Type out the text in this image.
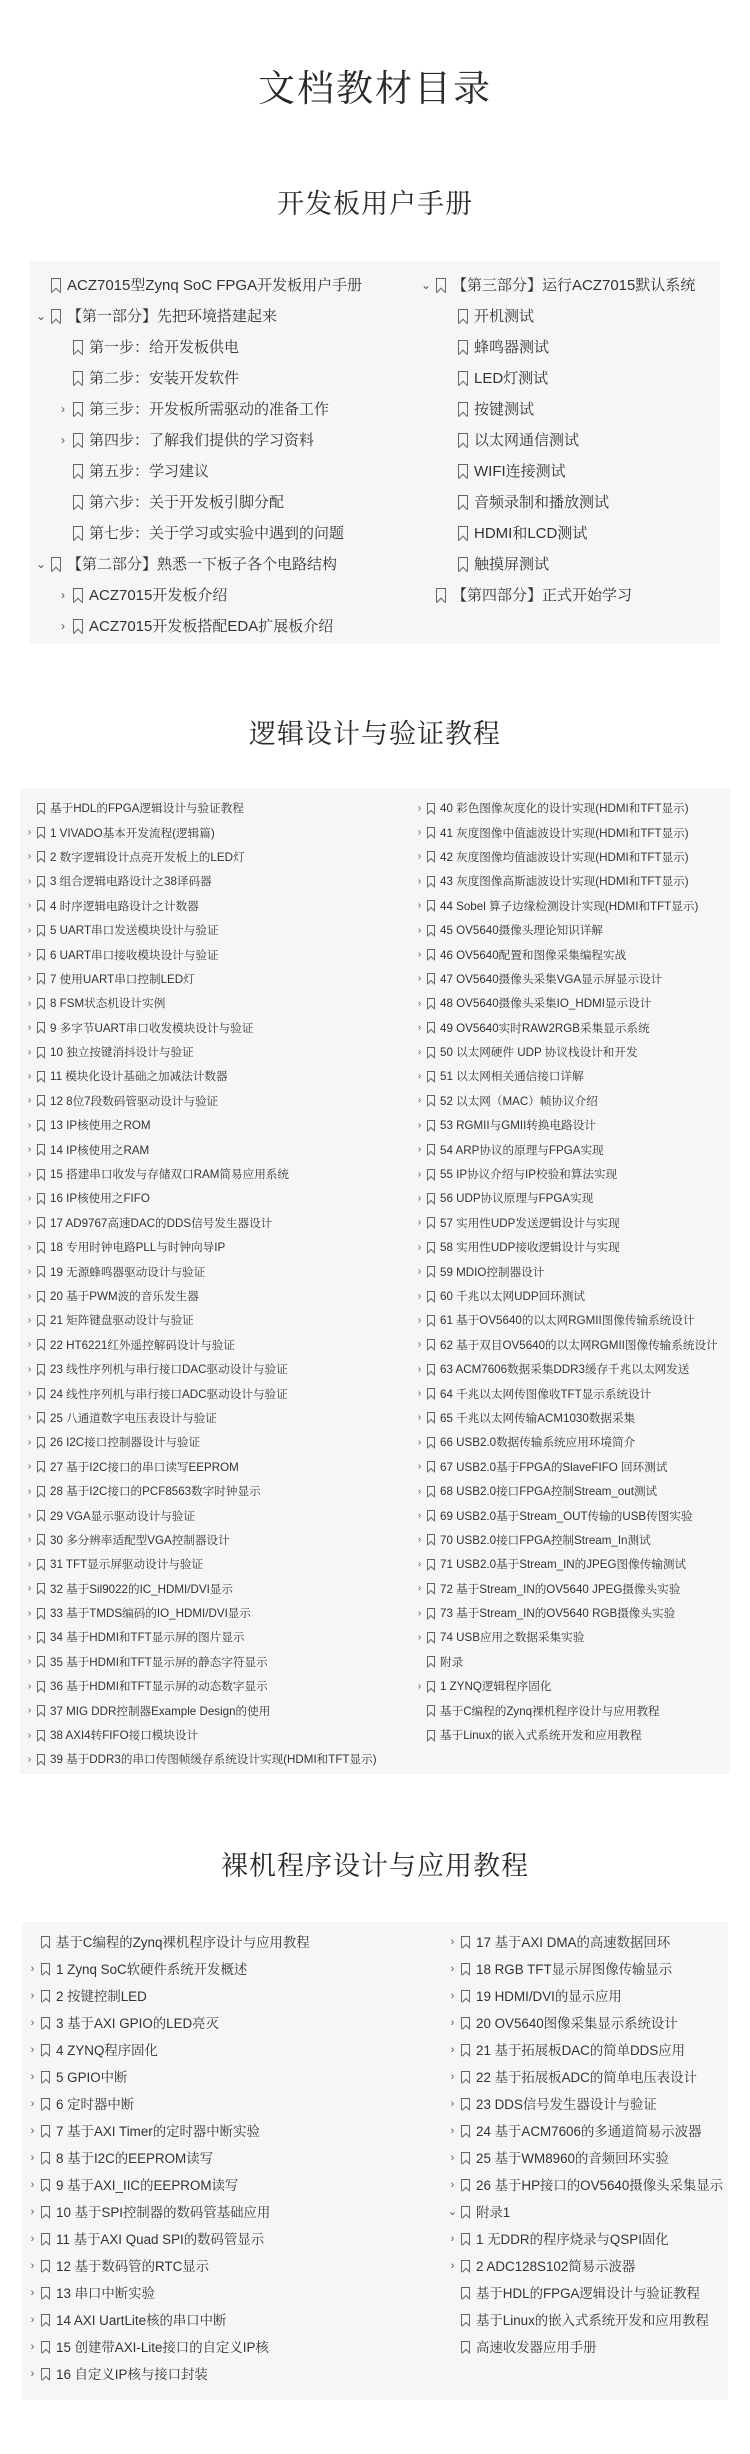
文档教材目录
开发板用户手册
ACZ7015型Zynq SoC FPGA开发板用户手册
⌄ 【第一部分】先把环境搭建起来
第一步：给开发板供电
第二步：安装开发软件
›	第三步：开发板所需驱动的准备工作
›	第四步：了解我们提供的学习资料
第五步：学习建议
第六步：关于开发板引脚分配
第七步：关于学习或实验中遇到的问题
⌄ 【第二部分】熟悉一下板子各个电路结构
›	ACZ7015开发板介绍
›	ACZ7015开发板搭配EDA扩展板介绍
⌄ 【第三部分】运行ACZ7015默认系统
开机测试
蜂鸣器测试
LED灯测试
按键测试
以太网通信测试
WIFI连接测试
音频录制和播放测试
HDMI和LCD测试
触摸屏测试
【第四部分】正式开始学习
逻辑设计与验证教程
基于HDL的FPGA逻辑设计与验证教程
›	1 VIVADO基本开发流程(逻辑篇)
›	2 数字逻辑设计点亮开发板上的LED灯
›	3 组合逻辑电路设计之38译码器
›	4 时序逻辑电路设计之计数器
›	5 UART串口发送模块设计与验证
›	6 UART串口接收模块设计与验证
›	7 使用UART串口控制LED灯
›	8 FSM状态机设计实例
›	9 多字节UART串口收发模块设计与验证
›	10 独立按键消抖设计与验证
›	11 模块化设计基础之加减法计数器
›	12 8位7段数码管驱动设计与验证
›	13 IP核使用之ROM
›	14 IP核使用之RAM
›	15 搭建串口收发与存储双口RAM简易应用系统
›	16 IP核使用之FIFO
›	17 AD9767高速DAC的DDS信号发生器设计
›	18 专用时钟电路PLL与时钟向导IP
›	19 无源蜂鸣器驱动设计与验证
›	20 基于PWM波的音乐发生器
›	21 矩阵键盘驱动设计与验证
›	22 HT6221红外遥控解码设计与验证
›	23 线性序列机与串行接口DAC驱动设计与验证
›	24 线性序列机与串行接口ADC驱动设计与验证
›	25 八通道数字电压表设计与验证
›	26 I2C接口控制器设计与验证
›	27 基于I2C接口的串口读写EEPROM
›	28 基于I2C接口的PCF8563数字时钟显示
›	29 VGA显示驱动设计与验证
›	30 多分辨率适配型VGA控制器设计
›	31 TFT显示屏驱动设计与验证
›	32 基于Sil9022的IC_HDMI/DVI显示
›	33 基于TMDS编码的IO_HDMI/DVI显示
›	34 基于HDMI和TFT显示屏的图片显示
›	35 基于HDMI和TFT显示屏的静态字符显示
›	36 基于HDMI和TFT显示屏的动态数字显示
›	37 MIG DDR控制器Example Design的使用
›	38 AXI4转FIFO接口模块设计
›	39 基于DDR3的串口传图帧缓存系统设计实现(HDMI和TFT显示)
›	40 彩色图像灰度化的设计实现(HDMI和TFT显示)
›	41 灰度图像中值滤波设计实现(HDMI和TFT显示)
›	42 灰度图像均值滤波设计实现(HDMI和TFT显示)
›	43 灰度图像高斯滤波设计实现(HDMI和TFT显示)
›	44 Sobel 算子边缘检测设计实现(HDMI和TFT显示)
›	45 OV5640摄像头理论知识详解
›	46 OV5640配置和图像采集编程实战
›	47 OV5640摄像头采集VGA显示屏显示设计
›	48 OV5640摄像头采集IO_HDMI显示设计
›	49 OV5640实时RAW2RGB采集显示系统
›	50 以太网硬件 UDP 协议栈设计和开发
›	51 以太网相关通信接口详解
›	52 以太网（MAC）帧协议介绍
›	53 RGMII与GMII转换电路设计
›	54 ARP协议的原理与FPGA实现
›	55 IP协议介绍与IP校验和算法实现
›	56 UDP协议原理与FPGA实现
›	57 实用性UDP发送逻辑设计与实现
›	58 实用性UDP接收逻辑设计与实现
›	59 MDIO控制器设计
›	60 千兆以太网UDP回环测试
›	61 基于OV5640的以太网RGMII图像传输系统设计
›	62 基于双目OV5640的以太网RGMII图像传输系统设计
›	63 ACM7606数据采集DDR3缓存千兆以太网发送
›	64 千兆以太网传图像收TFT显示系统设计
›	65 千兆以太网传输ACM1030数据采集
›	66 USB2.0数据传输系统应用环境简介
›	67 USB2.0基于FPGA的SlaveFIFO 回环测试
›	68 USB2.0接口FPGA控制Stream_out测试
›	69 USB2.0基于Stream_OUT传输的USB传图实验
›	70 USB2.0接口FPGA控制Stream_In测试
›	71 USB2.0基于Stream_IN的JPEG图像传输测试
›	72 基于Stream_IN的OV5640 JPEG摄像头实验
›	73 基于Stream_IN的OV5640 RGB摄像头实验
›	74 USB应用之数据采集实验
附录
›	1 ZYNQ逻辑程序固化
基于C编程的Zynq裸机程序设计与应用教程
基于Linux的嵌入式系统开发和应用教程
裸机程序设计与应用教程
基于C编程的Zynq裸机程序设计与应用教程
›	1 Zynq SoC软硬件系统开发概述
›	2 按键控制LED
›	3 基于AXI GPIO的LED亮灭
›	4 ZYNQ程序固化
›	5 GPIO中断
›	6 定时器中断
›	7 基于AXI Timer的定时器中断实验
›	8 基于I2C的EEPROM读写
›	9 基于AXI_IIC的EEPROM读写
›	10 基于SPI控制器的数码管基础应用
›	11 基于AXI Quad SPI的数码管显示
›	12 基于数码管的RTC显示
›	13 串口中断实验
›	14 AXI UartLite核的串口中断
›	15 创建带AXI-Lite接口的自定义IP核
›	16 自定义IP核与接口封装
›	17 基于AXI DMA的高速数据回环
›	18 RGB TFT显示屏图像传输显示
›	19 HDMI/DVI的显示应用
›	20 OV5640图像采集显示系统设计
›	21 基于拓展板DAC的简单DDS应用
›	22 基于拓展板ADC的简单电压表设计
›	23 DDS信号发生器设计与验证
›	24 基于ACM7606的多通道简易示波器
›	25 基于WM8960的音频回环实验
›	26 基于HP接口的OV5640摄像头采集显示
⌄ 附录1
›	1 无DDR的程序烧录与QSPI固化
›	2 ADC128S102简易示波器
基于HDL的FPGA逻辑设计与验证教程
基于Linux的嵌入式系统开发和应用教程
高速收发器应用手册
